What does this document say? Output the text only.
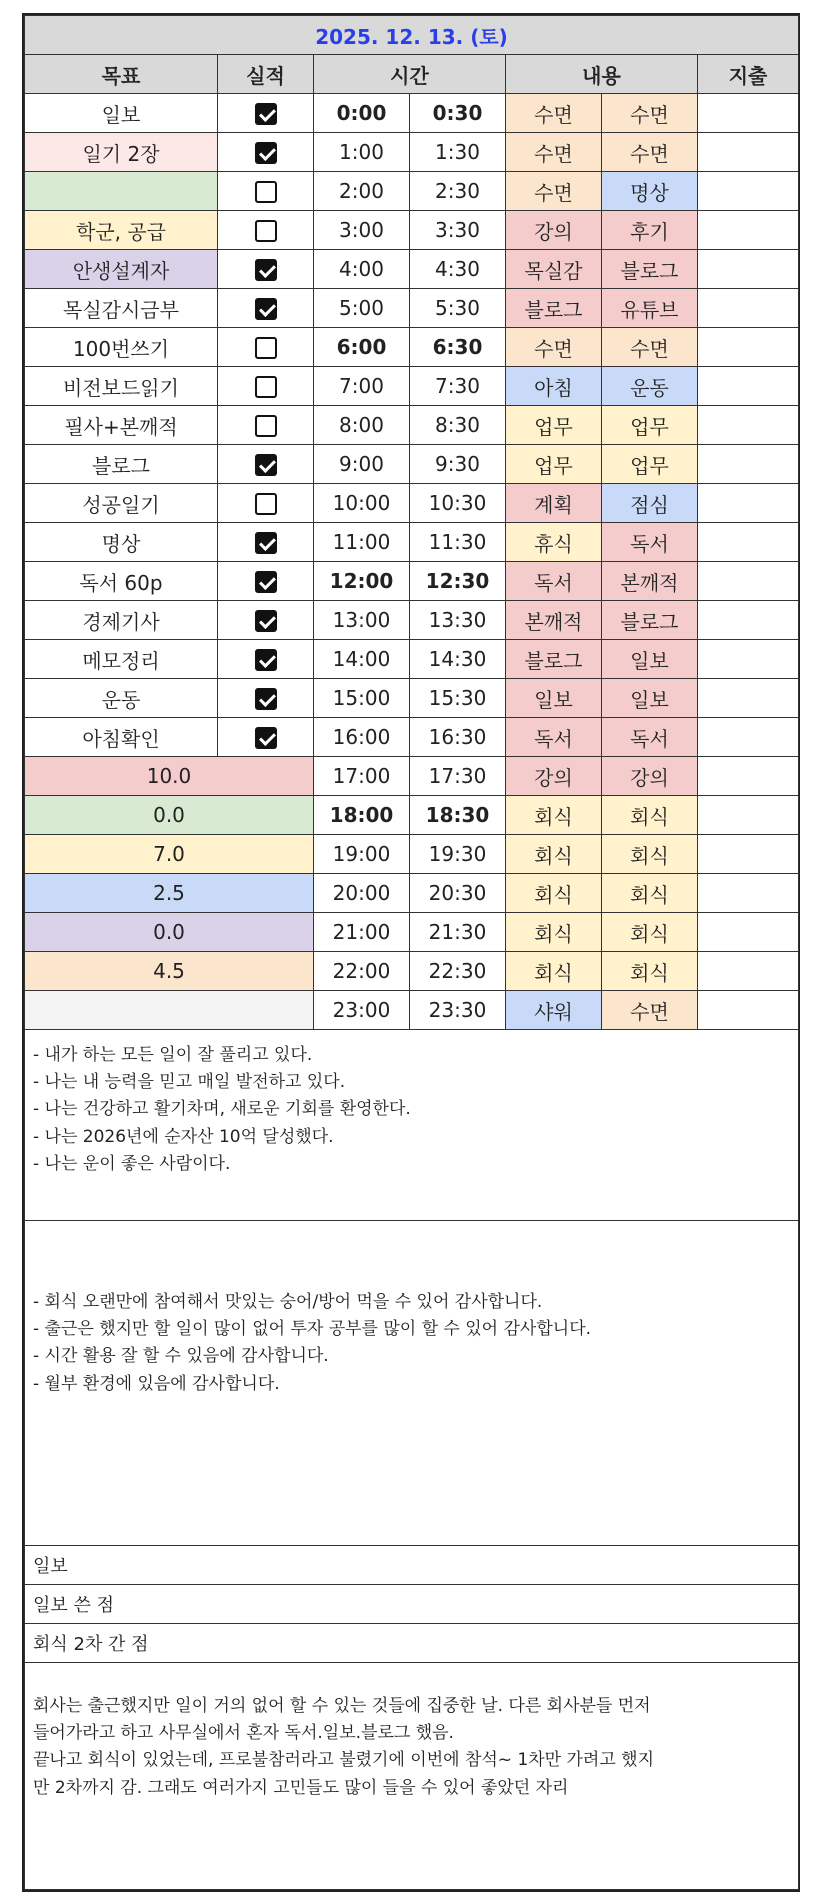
2025. 12. 13. (토)						
목표	실적	시간		내용		지출
일보		0:00	0:30	수면	수면	
일기 2장		1:00	1:30	수면	수면	
		2:00	2:30	수면	명상	
학군, 공급		3:00	3:30	강의	후기	
안생설계자		4:00	4:30	목실감	블로그	
목실감시금부		5:00	5:30	블로그	유튜브	
100번쓰기		6:00	6:30	수면	수면	
비전보드읽기		7:00	7:30	아침	운동	
필사+본깨적		8:00	8:30	업무	업무	
블로그		9:00	9:30	업무	업무	
성공일기		10:00	10:30	계획	점심	
명상		11:00	11:30	휴식	독서	
독서 60p		12:00	12:30	독서	본깨적	
경제기사		13:00	13:30	본깨적	블로그	
메모정리		14:00	14:30	블로그	일보	
운동		15:00	15:30	일보	일보	
아침확인		16:00	16:30	독서	독서	
10.0		17:00	17:30	강의	강의	
0.0		18:00	18:30	회식	회식	
7.0		19:00	19:30	회식	회식	
2.5		20:00	20:30	회식	회식	
0.0		21:00	21:30	회식	회식	
4.5		22:00	22:30	회식	회식	
		23:00	23:30	샤워	수면	

- 내가 하는 모든 일이 잘 풀리고 있다.
- 나는 내 능력을 믿고 매일 발전하고 있다.
- 나는 건강하고 활기차며, 새로운 기회를 환영한다.
- 나는 2026년에 순자산 10억 달성했다.
- 나는 운이 좋은 사람이다.						

- 회식 오랜만에 참여해서 맛있는 숭어/방어 먹을 수 있어 감사합니다.
- 출근은 했지만 할 일이 많이 없어 투자 공부를 많이 할 수 있어 감사합니다.
- 시간 활용 잘 할 수 있음에 감사합니다.
- 월부 환경에 있음에 감사합니다.						

일보						
일보 쓴 점						
회식 2차 간 점						

회사는 출근했지만 일이 거의 없어 할 수 있는 것들에 집중한 날. 다른 회사분들 먼저
들어가라고 하고 사무실에서 혼자 독서.일보.블로그 했음.
끝나고 회식이 있었는데, 프로불참러라고 불렸기에 이번에 참석~ 1차만 가려고 했지
만 2차까지 감. 그래도 여러가지 고민들도 많이 들을 수 있어 좋았던 자리						
